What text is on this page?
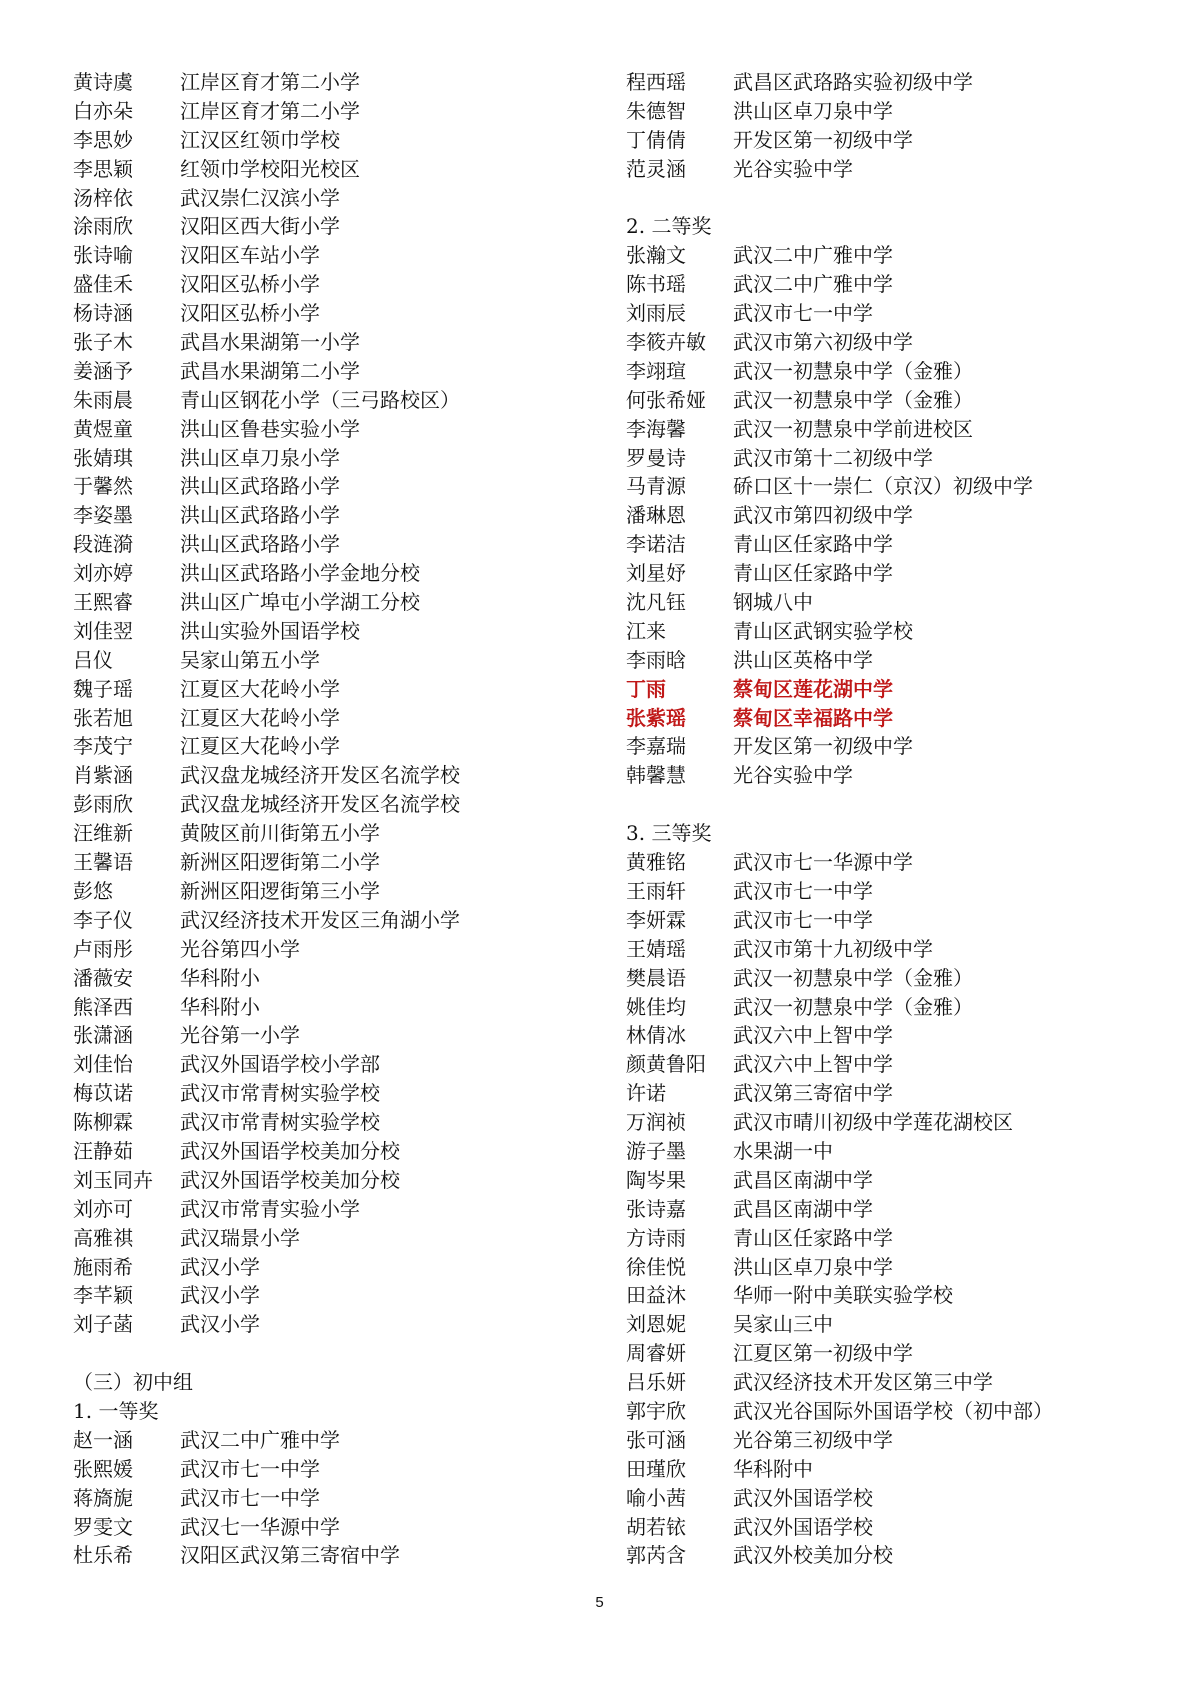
黄诗虞	江岸区育才第二小学
白亦朵	江岸区育才第二小学
李思妙	江汉区红领巾学校
李思颖	红领巾学校阳光校区
汤梓依	武汉崇仁汉滨小学
涂雨欣	汉阳区西大街小学
张诗喻	汉阳区车站小学
盛佳禾	汉阳区弘桥小学
杨诗涵	汉阳区弘桥小学
张子木	武昌水果湖第一小学
姜涵予	武昌水果湖第二小学
朱雨晨	青山区钢花小学（三弓路校区）
黄煜童	洪山区鲁巷实验小学
张婧琪	洪山区卓刀泉小学
于馨然	洪山区武珞路小学
李姿墨	洪山区武珞路小学
段涟漪	洪山区武珞路小学
刘亦婷	洪山区武珞路小学金地分校
王熙睿	洪山区广埠屯小学湖工分校
刘佳翌	洪山实验外国语学校
吕仪	吴家山第五小学
魏子瑶	江夏区大花岭小学
张若旭	江夏区大花岭小学
李茂宁	江夏区大花岭小学
肖紫涵	武汉盘龙城经济开发区名流学校
彭雨欣	武汉盘龙城经济开发区名流学校
汪维新	黄陂区前川街第五小学
王馨语	新洲区阳逻街第二小学
彭悠	新洲区阳逻街第三小学
李子仪	武汉经济技术开发区三角湖小学
卢雨彤	光谷第四小学
潘薇安	华科附小
熊泽西	华科附小
张潇涵	光谷第一小学
刘佳怡	武汉外国语学校小学部
梅苡诺	武汉市常青树实验学校
陈柳霖	武汉市常青树实验学校
汪静茹	武汉外国语学校美加分校
刘玉同卉	武汉外国语学校美加分校
刘亦可	武汉市常青实验小学
高雅祺	武汉瑞景小学
施雨希	武汉小学
李芊颖	武汉小学
刘子菡	武汉小学
（三）初中组
1. 一等奖
赵一涵	武汉二中广雅中学
张熙媛	武汉市七一中学
蒋旖旎	武汉市七一中学
罗雯文	武汉七一华源中学
杜乐希	汉阳区武汉第三寄宿中学
程西瑶	武昌区武珞路实验初级中学
朱德智	洪山区卓刀泉中学
丁倩倩	开发区第一初级中学
范灵涵	光谷实验中学
2. 二等奖
张瀚文	武汉二中广雅中学
陈书瑶	武汉二中广雅中学
刘雨辰	武汉市七一中学
李筱卉敏	武汉市第六初级中学
李翊瑄	武汉一初慧泉中学（金雅）
何张希娅	武汉一初慧泉中学（金雅）
李海馨	武汉一初慧泉中学前进校区
罗曼诗	武汉市第十二初级中学
马青源	硚口区十一崇仁（京汉）初级中学
潘琳恩	武汉市第四初级中学
李诺洁	青山区任家路中学
刘星妤	青山区任家路中学
沈凡钰	钢城八中
江来	青山区武钢实验学校
李雨晗	洪山区英格中学
丁雨	蔡甸区莲花湖中学
张紫瑶	蔡甸区幸福路中学
李嘉瑞	开发区第一初级中学
韩馨慧	光谷实验中学
3. 三等奖
黄雅铭	武汉市七一华源中学
王雨轩	武汉市七一中学
李妍霖	武汉市七一中学
王婧瑶	武汉市第十九初级中学
樊晨语	武汉一初慧泉中学（金雅）
姚佳均	武汉一初慧泉中学（金雅）
林倩冰	武汉六中上智中学
颜黄鲁阳	武汉六中上智中学
许诺	武汉第三寄宿中学
万润祯	武汉市晴川初级中学莲花湖校区
游子墨	水果湖一中
陶岑果	武昌区南湖中学
张诗嘉	武昌区南湖中学
方诗雨	青山区任家路中学
徐佳悦	洪山区卓刀泉中学
田益沐	华师一附中美联实验学校
刘恩妮	吴家山三中
周睿妍	江夏区第一初级中学
吕乐妍	武汉经济技术开发区第三中学
郭宇欣	武汉光谷国际外国语学校（初中部）
张可涵	光谷第三初级中学
田瑾欣	华科附中
喻小茜	武汉外国语学校
胡若铱	武汉外国语学校
郭芮含	武汉外校美加分校
5
